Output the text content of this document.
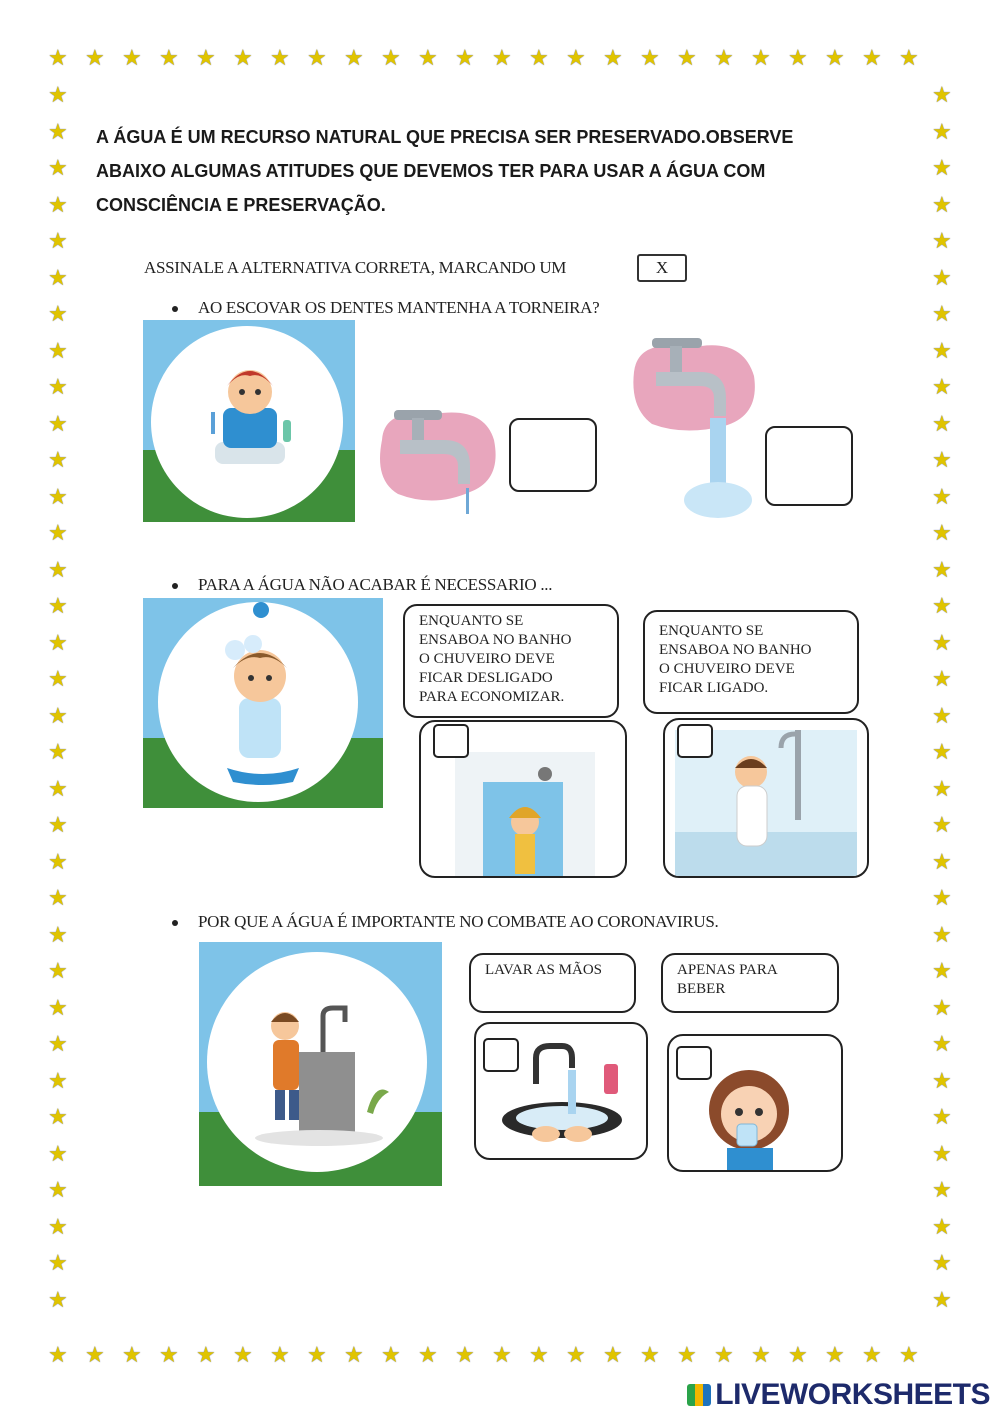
★
★
★
★
★
★
★
★
★
★
★
★
★
★
★
★
★
★
★
★
★
★
★
★
★
★
★
★
★
★
★
★
★
★
★
★
★
★
★
★
★
★
★
★
★
★
★
★
★	★
★	★
★	★
★	★
★	★
★	★
★	★
★	★
★	★
★	★
★	★
★	★
★	★
★	★
★	★
★	★
★	★
★	★
★	★
★	★
★	★
★	★
★	★
★	★
★	★
★	★
★	★
★	★
★	★
★	★
★	★
★	★
★	★
★	★
A ÁGUA É UM RECURSO NATURAL QUE PRECISA SER PRESERVADO.OBSERVE
ABAIXO ALGUMAS ATITUDES QUE DEVEMOS TER PARA USAR A ÁGUA COM
CONSCIÊNCIA E PRESERVAÇÃO.
ASSINALE A ALTERNATIVA CORRETA, MARCANDO UM	X
AO ESCOVAR OS DENTES MANTENHA A TORNEIRA?
PARA A ÁGUA NÃO ACABAR É NECESSARIO ...
ENQUANTO SE
ENSABOA NO BANHO
O CHUVEIRO DEVE
FICAR DESLIGADO
PARA ECONOMIZAR.
ENQUANTO SE
ENSABOA NO BANHO
O CHUVEIRO DEVE
FICAR LIGADO.
POR QUE A ÁGUA É IMPORTANTE NO COMBATE AO CORONAVIRUS.
LAVAR AS MÃOS	APENAS PARA
BEBER
LIVEWORKSHEETS
